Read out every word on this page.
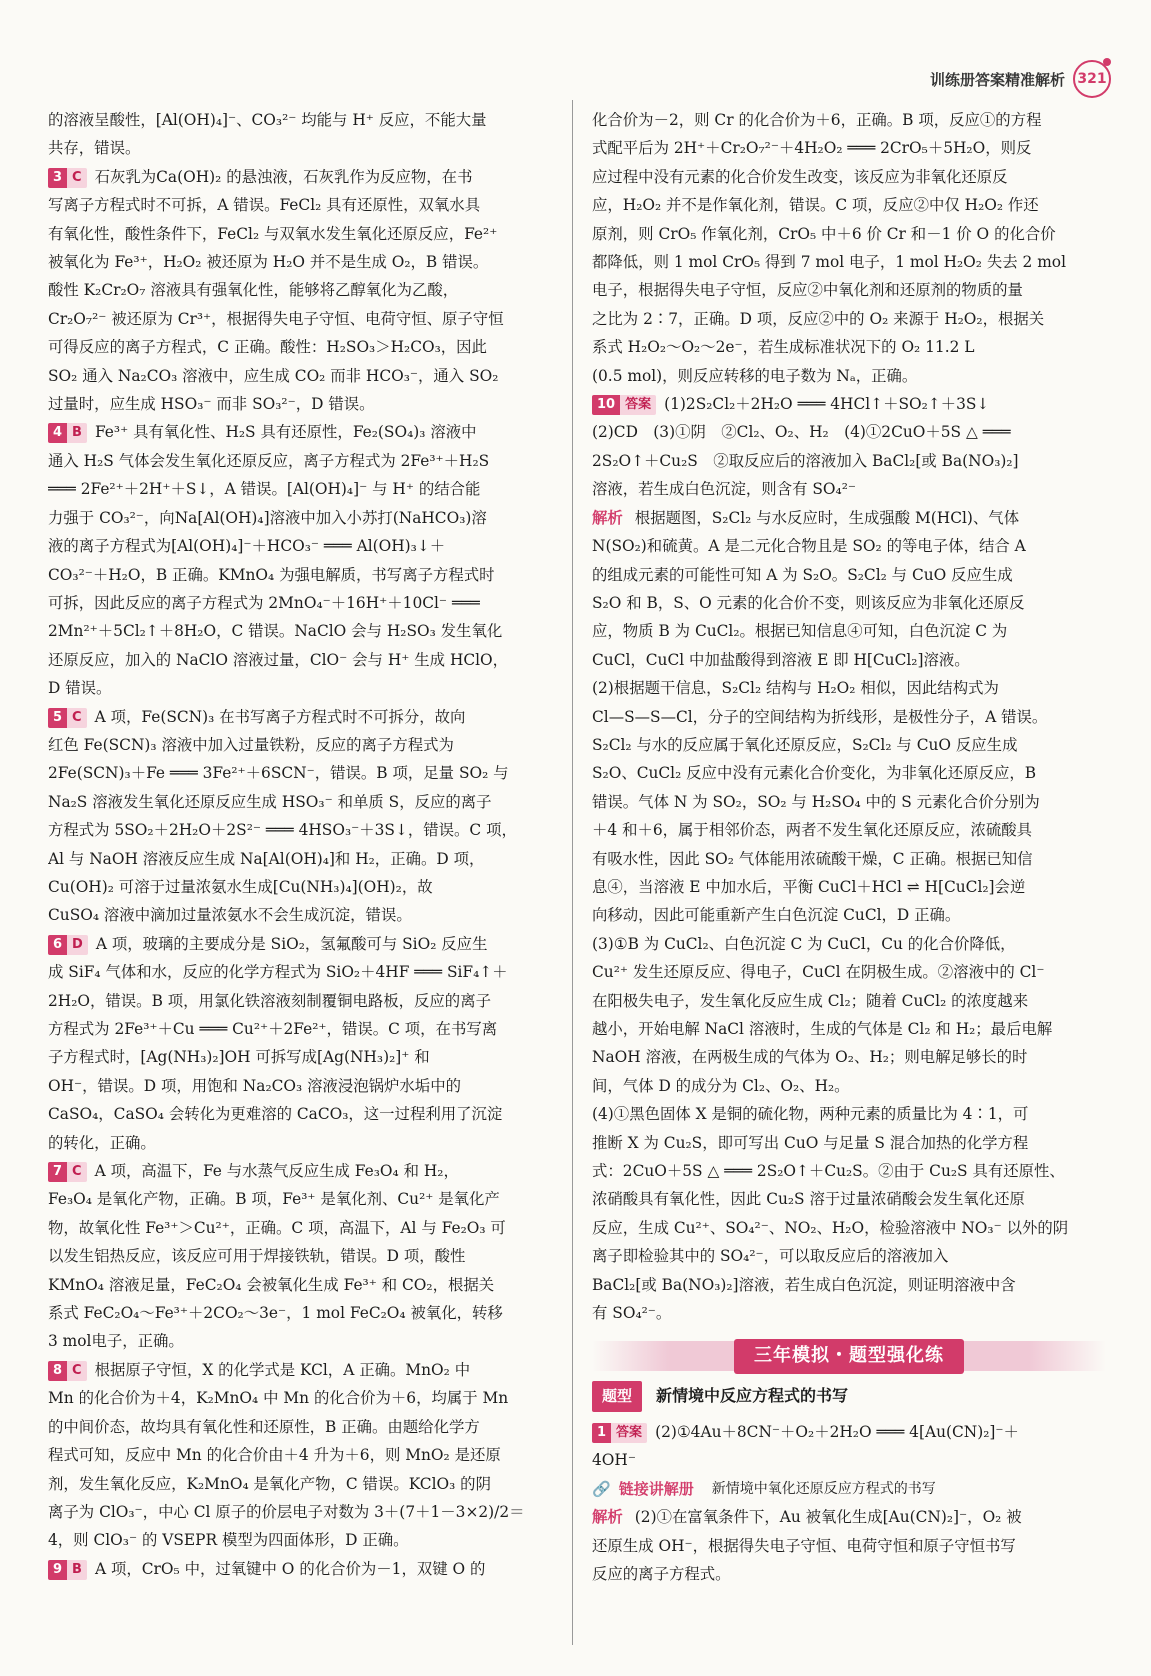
训练册答案精准解析 321
的溶液呈酸性，[Al(OH)₄]⁻、CO₃²⁻ 均能与 H⁺ 反应，不能大量
共存，错误。
3 C 石灰乳为Ca(OH)₂ 的悬浊液，石灰乳作为反应物，在书
写离子方程式时不可拆，A 错误。FeCl₂ 具有还原性，双氧水具
有氧化性，酸性条件下，FeCl₂ 与双氧水发生氧化还原反应，Fe²⁺
被氧化为 Fe³⁺，H₂O₂ 被还原为 H₂O 并不是生成 O₂，B 错误。
酸性 K₂Cr₂O₇ 溶液具有强氧化性，能够将乙醇氧化为乙酸，
Cr₂O₇²⁻ 被还原为 Cr³⁺，根据得失电子守恒、电荷守恒、原子守恒
可得反应的离子方程式，C 正确。酸性：H₂SO₃＞H₂CO₃，因此
SO₂ 通入 Na₂CO₃ 溶液中，应生成 CO₂ 而非 HCO₃⁻，通入 SO₂
过量时，应生成 HSO₃⁻ 而非 SO₃²⁻，D 错误。
4 B Fe³⁺ 具有氧化性、H₂S 具有还原性，Fe₂(SO₄)₃ 溶液中
通入 H₂S 气体会发生氧化还原反应，离子方程式为 2Fe³⁺＋H₂S
═══ 2Fe²⁺＋2H⁺＋S↓，A 错误。[Al(OH)₄]⁻ 与 H⁺ 的结合能
力强于 CO₃²⁻，向Na[Al(OH)₄]溶液中加入小苏打(NaHCO₃)溶
液的离子方程式为[Al(OH)₄]⁻＋HCO₃⁻ ═══ Al(OH)₃↓＋
CO₃²⁻＋H₂O，B 正确。KMnO₄ 为强电解质，书写离子方程式时
可拆，因此反应的离子方程式为 2MnO₄⁻＋16H⁺＋10Cl⁻ ═══
2Mn²⁺＋5Cl₂↑＋8H₂O，C 错误。NaClO 会与 H₂SO₃ 发生氧化
还原反应，加入的 NaClO 溶液过量，ClO⁻ 会与 H⁺ 生成 HClO，
D 错误。
5 C A 项，Fe(SCN)₃ 在书写离子方程式时不可拆分，故向
红色 Fe(SCN)₃ 溶液中加入过量铁粉，反应的离子方程式为
2Fe(SCN)₃＋Fe ═══ 3Fe²⁺＋6SCN⁻，错误。B 项，足量 SO₂ 与
Na₂S 溶液发生氧化还原反应生成 HSO₃⁻ 和单质 S，反应的离子
方程式为 5SO₂＋2H₂O＋2S²⁻ ═══ 4HSO₃⁻＋3S↓，错误。C 项，
Al 与 NaOH 溶液反应生成 Na[Al(OH)₄]和 H₂，正确。D 项，
Cu(OH)₂ 可溶于过量浓氨水生成[Cu(NH₃)₄](OH)₂，故
CuSO₄ 溶液中滴加过量浓氨水不会生成沉淀，错误。
6 D A 项，玻璃的主要成分是 SiO₂，氢氟酸可与 SiO₂ 反应生
成 SiF₄ 气体和水，反应的化学方程式为 SiO₂＋4HF ═══ SiF₄↑＋
2H₂O，错误。B 项，用氯化铁溶液刻制覆铜电路板，反应的离子
方程式为 2Fe³⁺＋Cu ═══ Cu²⁺＋2Fe²⁺，错误。C 项，在书写离
子方程式时，[Ag(NH₃)₂]OH 可拆写成[Ag(NH₃)₂]⁺ 和
OH⁻，错误。D 项，用饱和 Na₂CO₃ 溶液浸泡锅炉水垢中的
CaSO₄，CaSO₄ 会转化为更难溶的 CaCO₃，这一过程利用了沉淀
的转化，正确。
7 C A 项，高温下，Fe 与水蒸气反应生成 Fe₃O₄ 和 H₂，
Fe₃O₄ 是氧化产物，正确。B 项，Fe³⁺ 是氧化剂、Cu²⁺ 是氧化产
物，故氧化性 Fe³⁺＞Cu²⁺，正确。C 项，高温下，Al 与 Fe₂O₃ 可
以发生铝热反应，该反应可用于焊接铁轨，错误。D 项，酸性
KMnO₄ 溶液足量，FeC₂O₄ 会被氧化生成 Fe³⁺ 和 CO₂，根据关
系式 FeC₂O₄～Fe³⁺＋2CO₂～3e⁻，1 mol FeC₂O₄ 被氧化，转移
3 mol电子，正确。
8 C 根据原子守恒，X 的化学式是 KCl，A 正确。MnO₂ 中
Mn 的化合价为＋4，K₂MnO₄ 中 Mn 的化合价为＋6，均属于 Mn
的中间价态，故均具有氧化性和还原性，B 正确。由题给化学方
程式可知，反应中 Mn 的化合价由＋4 升为＋6，则 MnO₂ 是还原
剂，发生氧化反应，K₂MnO₄ 是氧化产物，C 错误。KClO₃ 的阴
离子为 ClO₃⁻，中心 Cl 原子的价层电子对数为 3＋(7＋1－3×2)/2＝
4，则 ClO₃⁻ 的 VSEPR 模型为四面体形，D 正确。
9 B A 项，CrO₅ 中，过氧键中 O 的化合价为－1，双键 O 的
化合价为－2，则 Cr 的化合价为＋6，正确。B 项，反应①的方程
式配平后为 2H⁺＋Cr₂O₇²⁻＋4H₂O₂ ═══ 2CrO₅＋5H₂O，则反
应过程中没有元素的化合价发生改变，该反应为非氧化还原反
应，H₂O₂ 并不是作氧化剂，错误。C 项，反应②中仅 H₂O₂ 作还
原剂，则 CrO₅ 作氧化剂，CrO₅ 中＋6 价 Cr 和－1 价 O 的化合价
都降低，则 1 mol CrO₅ 得到 7 mol 电子，1 mol H₂O₂ 失去 2 mol
电子，根据得失电子守恒，反应②中氧化剂和还原剂的物质的量
之比为 2∶7，正确。D 项，反应②中的 O₂ 来源于 H₂O₂，根据关
系式 H₂O₂～O₂～2e⁻，若生成标准状况下的 O₂ 11.2 L
(0.5 mol)，则反应转移的电子数为 Nₐ，正确。
10 答案 (1)2S₂Cl₂＋2H₂O ═══ 4HCl↑＋SO₂↑＋3S↓
(2)CD　(3)①阴　②Cl₂、O₂、H₂　(4)①2CuO＋5S △ ═══
2S₂O↑＋Cu₂S　②取反应后的溶液加入 BaCl₂[或 Ba(NO₃)₂]
溶液，若生成白色沉淀，则含有 SO₄²⁻
解析 根据题图，S₂Cl₂ 与水反应时，生成强酸 M(HCl)、气体
N(SO₂)和硫黄。A 是二元化合物且是 SO₂ 的等电子体，结合 A
的组成元素的可能性可知 A 为 S₂O。S₂Cl₂ 与 CuO 反应生成
S₂O 和 B，S、O 元素的化合价不变，则该反应为非氧化还原反
应，物质 B 为 CuCl₂。根据已知信息④可知，白色沉淀 C 为
CuCl，CuCl 中加盐酸得到溶液 E 即 H[CuCl₂]溶液。
(2)根据题干信息，S₂Cl₂ 结构与 H₂O₂ 相似，因此结构式为
Cl—S—S—Cl，分子的空间结构为折线形，是极性分子，A 错误。
S₂Cl₂ 与水的反应属于氧化还原反应，S₂Cl₂ 与 CuO 反应生成
S₂O、CuCl₂ 反应中没有元素化合价变化，为非氧化还原反应，B
错误。气体 N 为 SO₂，SO₂ 与 H₂SO₄ 中的 S 元素化合价分别为
＋4 和＋6，属于相邻价态，两者不发生氧化还原反应，浓硫酸具
有吸水性，因此 SO₂ 气体能用浓硫酸干燥，C 正确。根据已知信
息④，当溶液 E 中加水后，平衡 CuCl＋HCl ⇌ H[CuCl₂]会逆
向移动，因此可能重新产生白色沉淀 CuCl，D 正确。
(3)①B 为 CuCl₂、白色沉淀 C 为 CuCl，Cu 的化合价降低，
Cu²⁺ 发生还原反应、得电子，CuCl 在阴极生成。②溶液中的 Cl⁻
在阳极失电子，发生氧化反应生成 Cl₂；随着 CuCl₂ 的浓度越来
越小，开始电解 NaCl 溶液时，生成的气体是 Cl₂ 和 H₂；最后电解
NaOH 溶液，在两极生成的气体为 O₂、H₂；则电解足够长的时
间，气体 D 的成分为 Cl₂、O₂、H₂。
(4)①黑色固体 X 是铜的硫化物，两种元素的质量比为 4∶1，可
推断 X 为 Cu₂S，即可写出 CuO 与足量 S 混合加热的化学方程
式：2CuO＋5S △ ═══ 2S₂O↑＋Cu₂S。②由于 Cu₂S 具有还原性、
浓硝酸具有氧化性，因此 Cu₂S 溶于过量浓硝酸会发生氧化还原
反应，生成 Cu²⁺、SO₄²⁻、NO₂、H₂O，检验溶液中 NO₃⁻ 以外的阴
离子即检验其中的 SO₄²⁻，可以取反应后的溶液加入
BaCl₂[或 Ba(NO₃)₂]溶液，若生成白色沉淀，则证明溶液中含
有 SO₄²⁻。
三年模拟・题型强化练
题型	新情境中反应方程式的书写
1 答案 (2)①4Au＋8CN⁻＋O₂＋2H₂O ═══ 4[Au(CN)₂]⁻＋
4OH⁻
🔗 链接讲解册 新情境中氧化还原反应方程式的书写
解析 (2)①在富氧条件下，Au 被氧化生成[Au(CN)₂]⁻，O₂ 被
还原生成 OH⁻，根据得失电子守恒、电荷守恒和原子守恒书写
反应的离子方程式。
